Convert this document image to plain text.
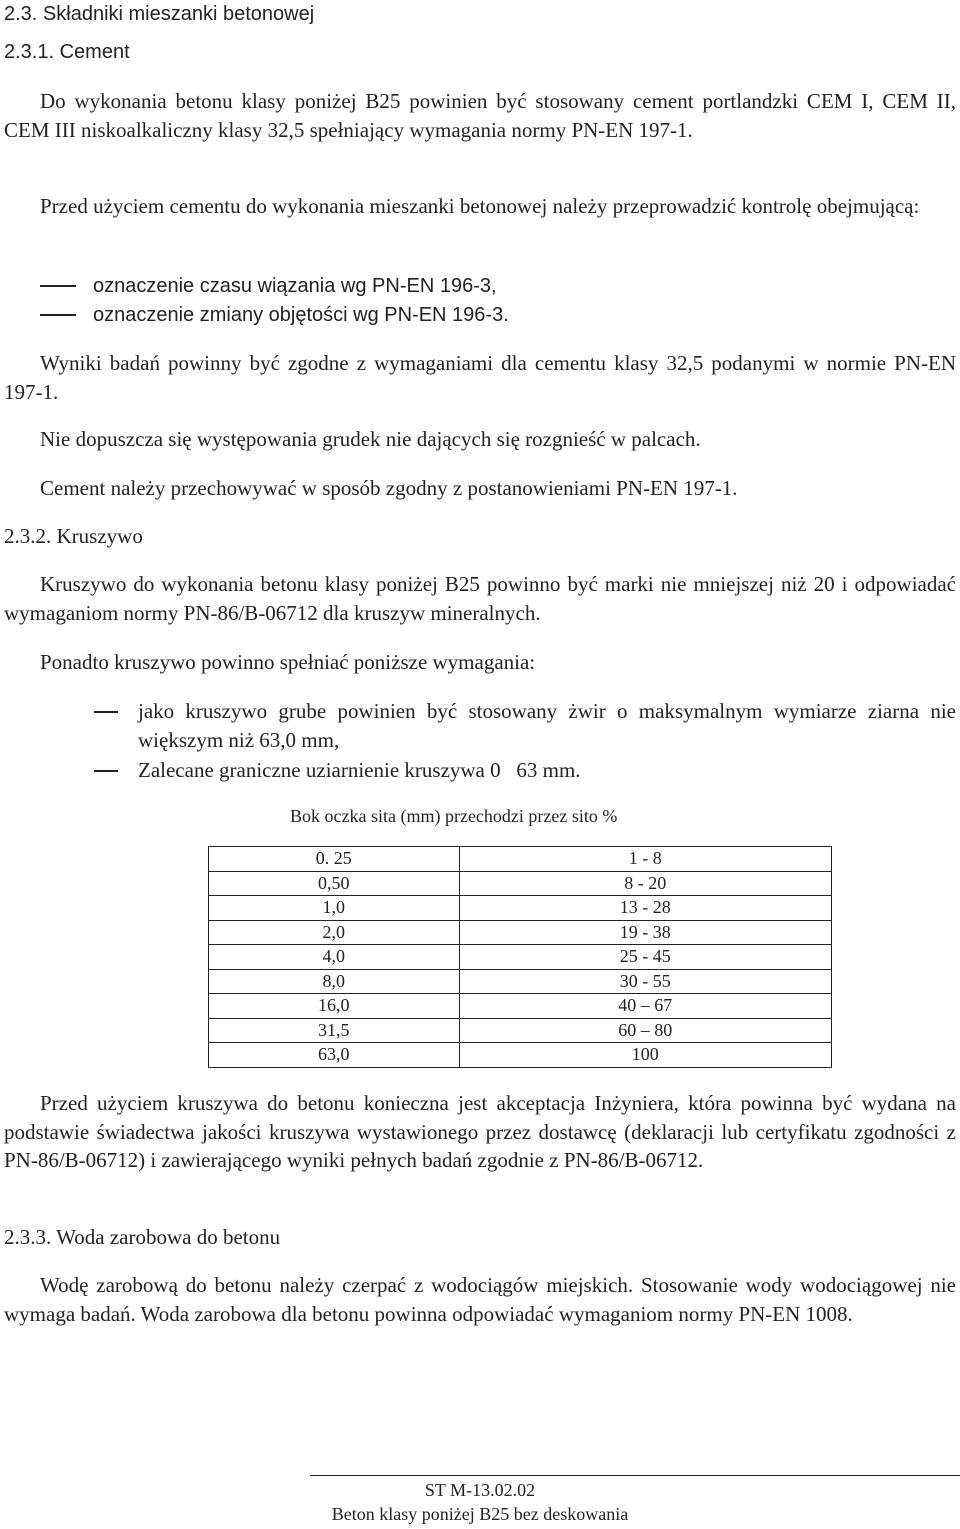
2.3. Składniki mieszanki betonowej
2.3.1. Cement
Do wykonania betonu klasy poniżej B25 powinien być stosowany cement portlandzki CEM I, CEM II, CEM III niskoalkaliczny klasy 32,5 spełniający wymagania normy PN-EN 197-1.
Przed użyciem cementu do wykonania mieszanki betonowej należy przeprowadzić kontrolę obejmującą:
oznaczenie czasu wiązania wg PN-EN 196-3,
oznaczenie zmiany objętości wg PN-EN 196-3.
Wyniki badań powinny być zgodne z wymaganiami dla cementu klasy 32,5 podanymi w normie PN-EN 197-1.
Nie dopuszcza się występowania grudek nie dających się rozgnieść w palcach.
Cement należy przechowywać w sposób zgodny z postanowieniami PN-EN 197-1.
2.3.2. Kruszywo
Kruszywo do wykonania betonu klasy poniżej B25 powinno być marki nie mniejszej niż 20 i odpowiadać wymaganiom normy PN-86/B-06712 dla kruszyw mineralnych.
Ponadto kruszywo powinno spełniać poniższe wymagania:
jako kruszywo grube powinien być stosowany żwir o maksymalnym wymiarze ziarna nie większym niż 63,0 mm,
Zalecane graniczne uziarnienie kruszywa 0   63 mm.
Bok oczka sita (mm) przechodzi przez sito %
0. 25	1 - 8
0,50	8 - 20
1,0	13 - 28
2,0	19 - 38
4,0	25 - 45
8,0	30 - 55
16,0	40 – 67
31,5	60 – 80
63,0	100
Przed użyciem kruszywa do betonu konieczna jest akceptacja Inżyniera, która powinna być wydana na podstawie świadectwa jakości kruszywa wystawionego przez dostawcę (deklaracji lub certyfikatu zgodności z PN-86/B-06712) i zawierającego wyniki pełnych badań zgodnie z PN-86/B-06712.
2.3.3. Woda zarobowa do betonu
Wodę zarobową do betonu należy czerpać z wodociągów miejskich. Stosowanie wody wodociągowej nie wymaga badań. Woda zarobowa dla betonu powinna odpowiadać wymaganiom normy PN-EN 1008.
ST M-13.02.02
Beton klasy poniżej B25 bez deskowania
